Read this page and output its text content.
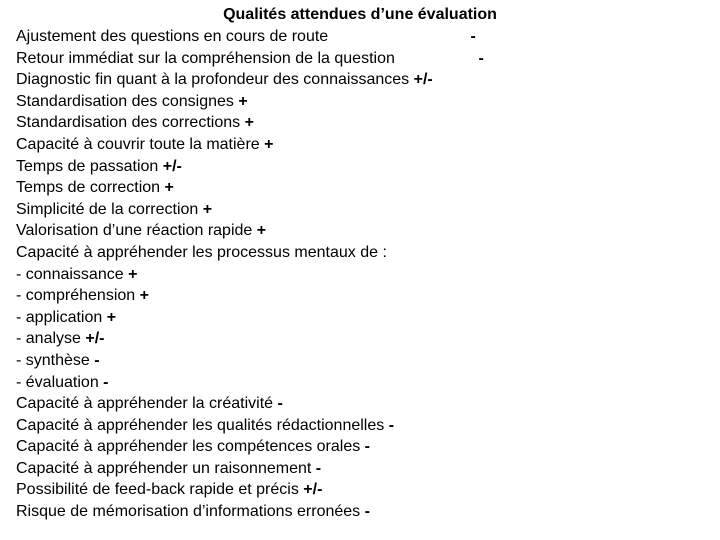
Qualités attendues d’une évaluation
Ajustement des questions en cours de route	-
Retour immédiat sur la compréhension de la question	-
Diagnostic fin quant à la profondeur des connaissances +/-
Standardisation des consignes +
Standardisation des corrections +
Capacité à couvrir toute la matière +
Temps de passation +/-
Temps de correction +
Simplicité de la correction +
Valorisation d’une réaction rapide +
Capacité à appréhender les processus mentaux de :
- connaissance +
- compréhension +
- application +
- analyse +/-
- synthèse -
- évaluation -
Capacité à appréhender la créativité -
Capacité à appréhender les qualités rédactionnelles -
Capacité à appréhender les compétences orales -
Capacité à appréhender un raisonnement -
Possibilité de feed-back rapide et précis +/-
Risque de mémorisation d’informations erronées -
